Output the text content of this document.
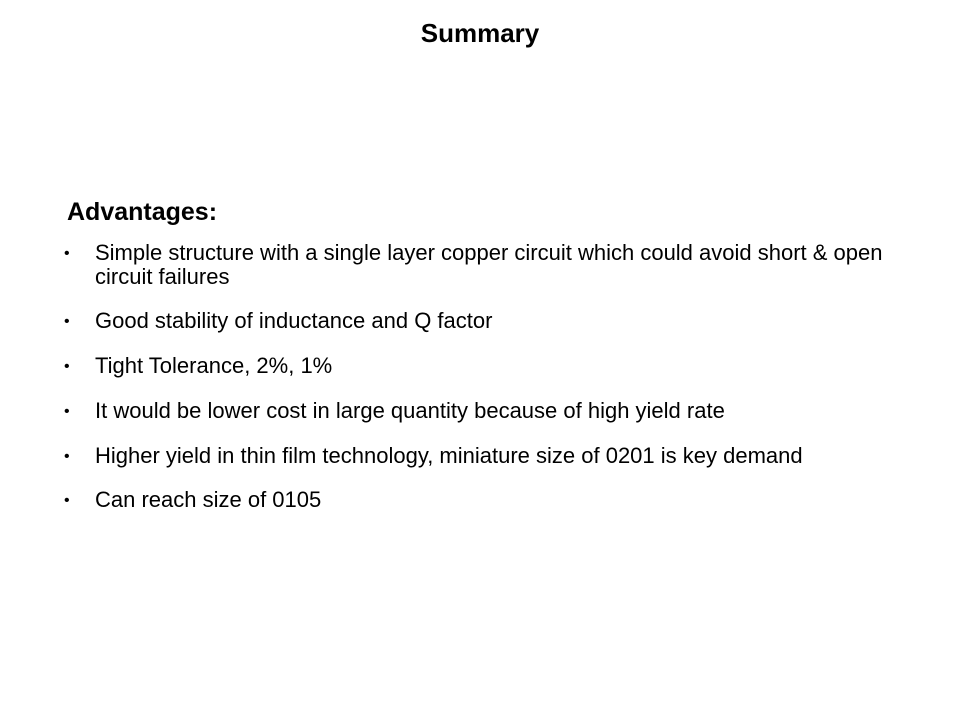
Summary
Advantages:
• Simple structure with a single layer copper circuit which could avoid short & open circuit failures
• Good stability of inductance and Q factor
• Tight Tolerance, 2%, 1%
• It would be lower cost in large quantity because of high yield rate
• Higher yield in thin film technology, miniature size of 0201 is key demand
• Can reach size of 0105
